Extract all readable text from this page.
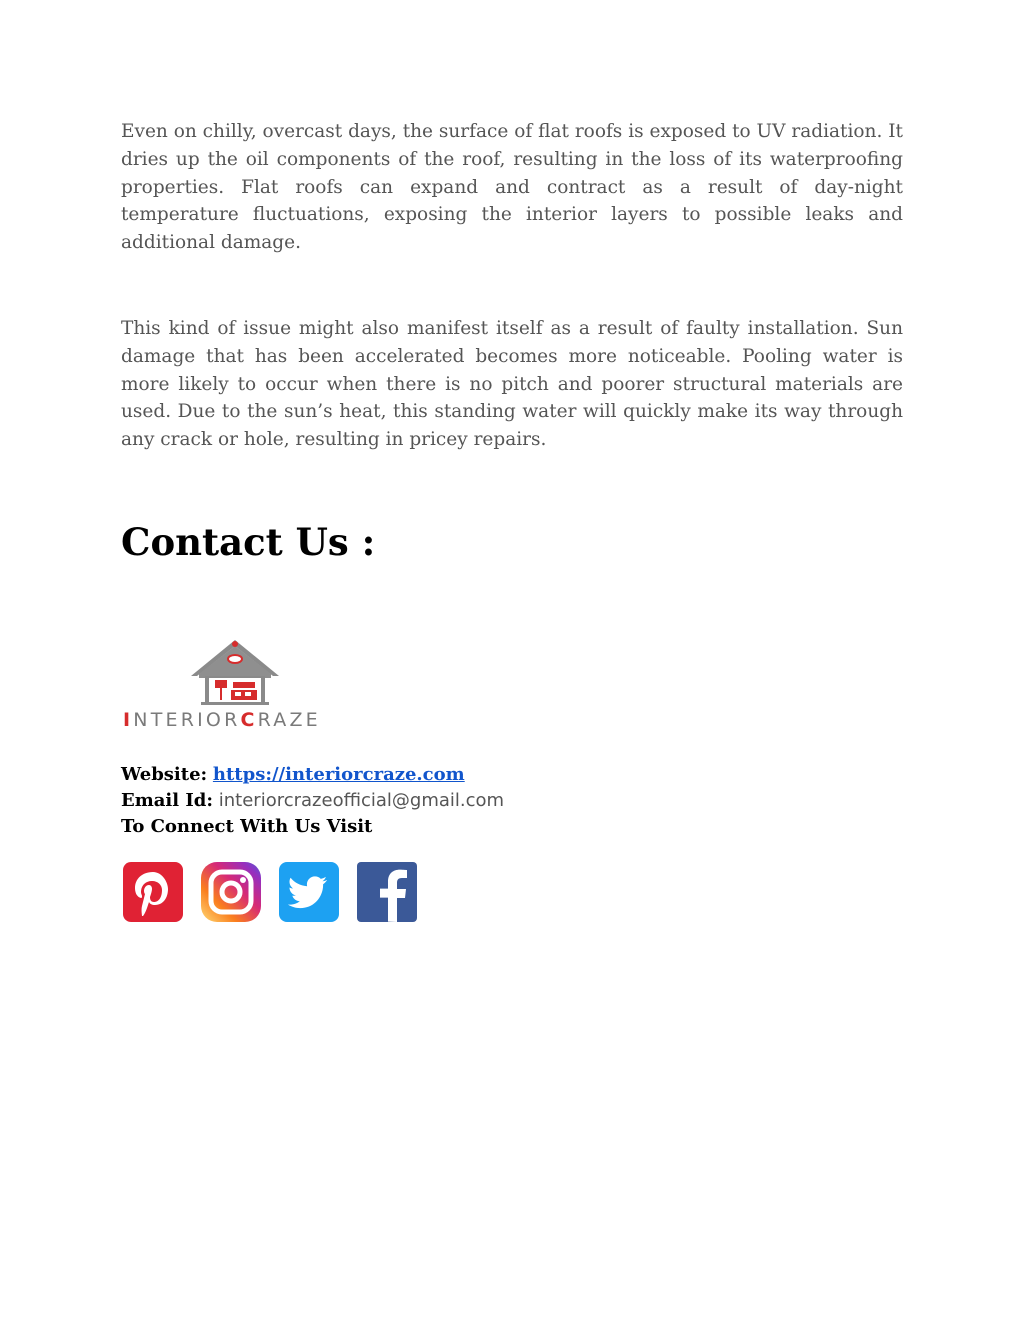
Even on chilly, overcast days, the surface of flat roofs is exposed to UV radiation. It dries up the oil components of the roof, resulting in the loss of its waterproofing properties. Flat roofs can expand and contract as a result of day-night temperature fluctuations, exposing the interior layers to possible leaks and additional damage.

This kind of issue might also manifest itself as a result of faulty installation. Sun damage that has been accelerated becomes more noticeable. Pooling water is more likely to occur when there is no pitch and poorer structural materials are used. Due to the sun’s heat, this standing water will quickly make its way through any crack or hole, resulting in pricey repairs.

Contact Us :
INTERIORCRAZE
Website: https://interiorcraze.com
Email Id: interiorcrazeofficial@gmail.com
To Connect With Us Visit
